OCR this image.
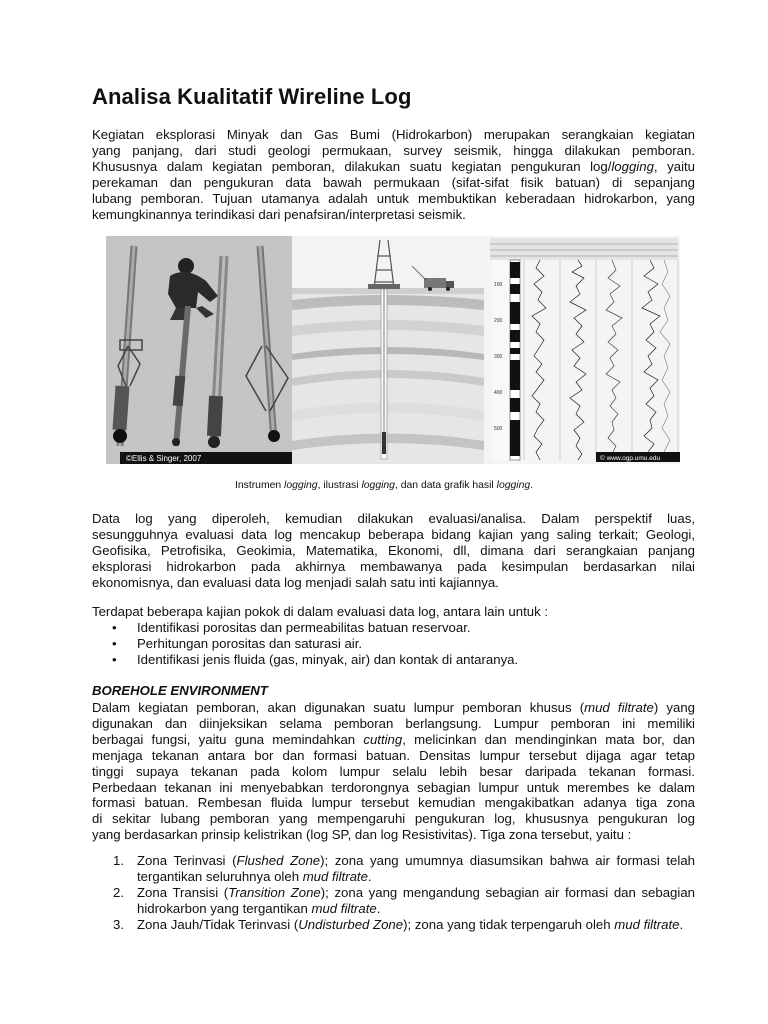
Analisa Kualitatif Wireline Log

Kegiatan eksplorasi Minyak dan Gas Bumi (Hidrokarbon) merupakan serangkaian kegiatan
yang panjang, dari studi geologi permukaan, survey seismik, hingga dilakukan pemboran.
Khususnya dalam kegiatan pemboran, dilakukan suatu kegiatan pengukuran log/logging, yaitu
perekaman dan pengukuran data bawah permukaan (sifat-sifat fisik batuan) di sepanjang
lubang pemboran. Tujuan utamanya adalah untuk membuktikan keberadaan hidrokarbon, yang
kemungkinannya terindikasi dari penafsiran/interpretasi seismik.

©Ellis & Singer, 2007
100
200
300
400
500
© www.ogp.umu.edu
Instrumen logging, ilustrasi logging, dan data grafik hasil logging.

Data log yang diperoleh, kemudian dilakukan evaluasi/analisa. Dalam perspektif luas,
sesungguhnya evaluasi data log mencakup beberapa bidang kajian yang saling terkait; Geologi,
Geofisika, Petrofisika, Geokimia, Matematika, Ekonomi, dll, dimana dari serangkaian panjang
eksplorasi hidrokarbon pada akhirnya membawanya pada kesimpulan berdasarkan nilai
ekonomisnya, dan evaluasi data log menjadi salah satu inti kajiannya.

Terdapat beberapa kajian pokok di dalam evaluasi data log, antara lain untuk :

• Identifikasi porositas dan permeabilitas batuan reservoar.
• Perhitungan porositas dan saturasi air.
• Identifikasi jenis fluida (gas, minyak, air) dan kontak di antaranya.

BOREHOLE ENVIRONMENT

Dalam kegiatan pemboran, akan digunakan suatu lumpur pemboran khusus (mud filtrate) yang
digunakan dan diinjeksikan selama pemboran berlangsung. Lumpur pemboran ini memiliki
berbagai fungsi, yaitu guna memindahkan cutting, melicinkan dan mendinginkan mata bor, dan
menjaga tekanan antara bor dan formasi batuan. Densitas lumpur tersebut dijaga agar tetap
tinggi supaya tekanan pada kolom lumpur selalu lebih besar daripada tekanan formasi.
Perbedaan tekanan ini menyebabkan terdorongnya sebagian lumpur untuk merembes ke dalam
formasi batuan. Rembesan fluida lumpur tersebut kemudian mengakibatkan adanya tiga zona
di sekitar lubang pemboran yang mempengaruhi pengukuran log, khususnya pengukuran log
yang berdasarkan prinsip kelistrikan (log SP, dan log Resistivitas). Tiga zona tersebut, yaitu :

1. Zona Terinvasi (Flushed Zone); zona yang umumnya diasumsikan bahwa air formasi telah tergantikan seluruhnya oleh mud filtrate.
2. Zona Transisi (Transition Zone); zona yang mengandung sebagian air formasi dan sebagian hidrokarbon yang tergantikan mud filtrate.
3. Zona Jauh/Tidak Terinvasi (Undisturbed Zone); zona yang tidak terpengaruh oleh mud filtrate.
